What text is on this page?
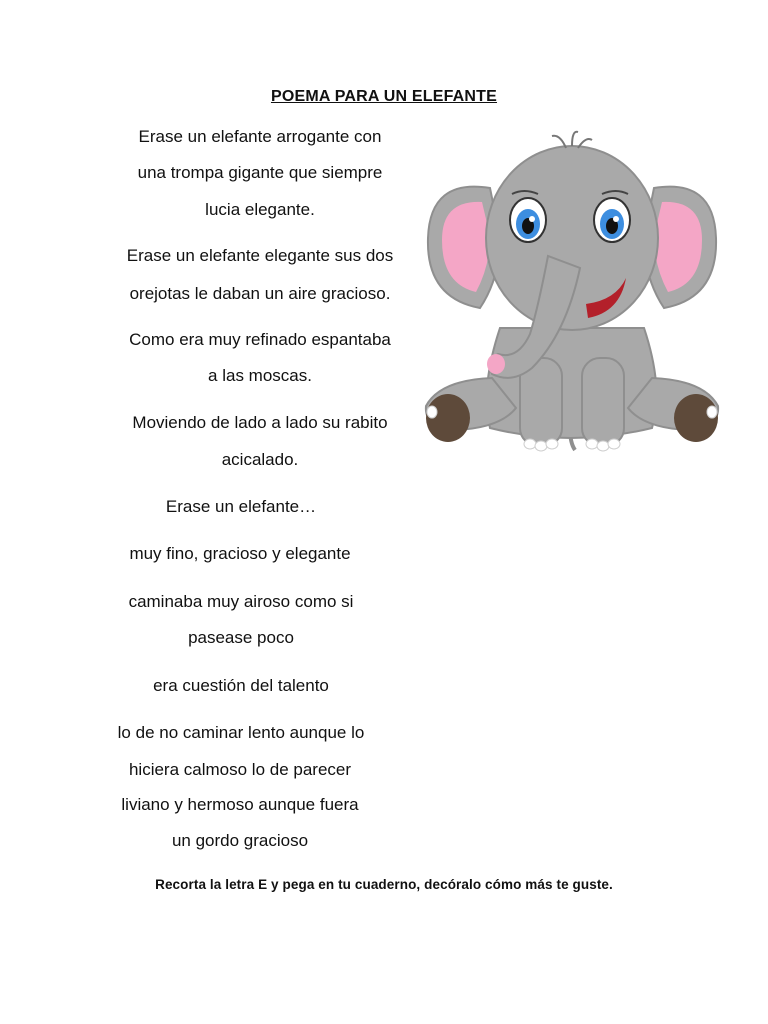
POEMA PARA UN ELEFANTE
Erase un elefante arrogante con
una trompa gigante que siempre
lucia elegante.
Erase un elefante elegante sus dos
orejotas le daban un aire gracioso.
Como era muy refinado espantaba
a las moscas.
Moviendo de lado a lado su rabito
acicalado.
Erase un elefante…
muy fino, gracioso y elegante
caminaba muy airoso como si
pasease poco
era cuestión del talento
lo de no caminar lento aunque lo
hiciera calmoso lo de parecer
liviano y hermoso aunque fuera
un gordo gracioso
Recorta la letra E y pega en tu cuaderno, decóralo cómo más te guste.
